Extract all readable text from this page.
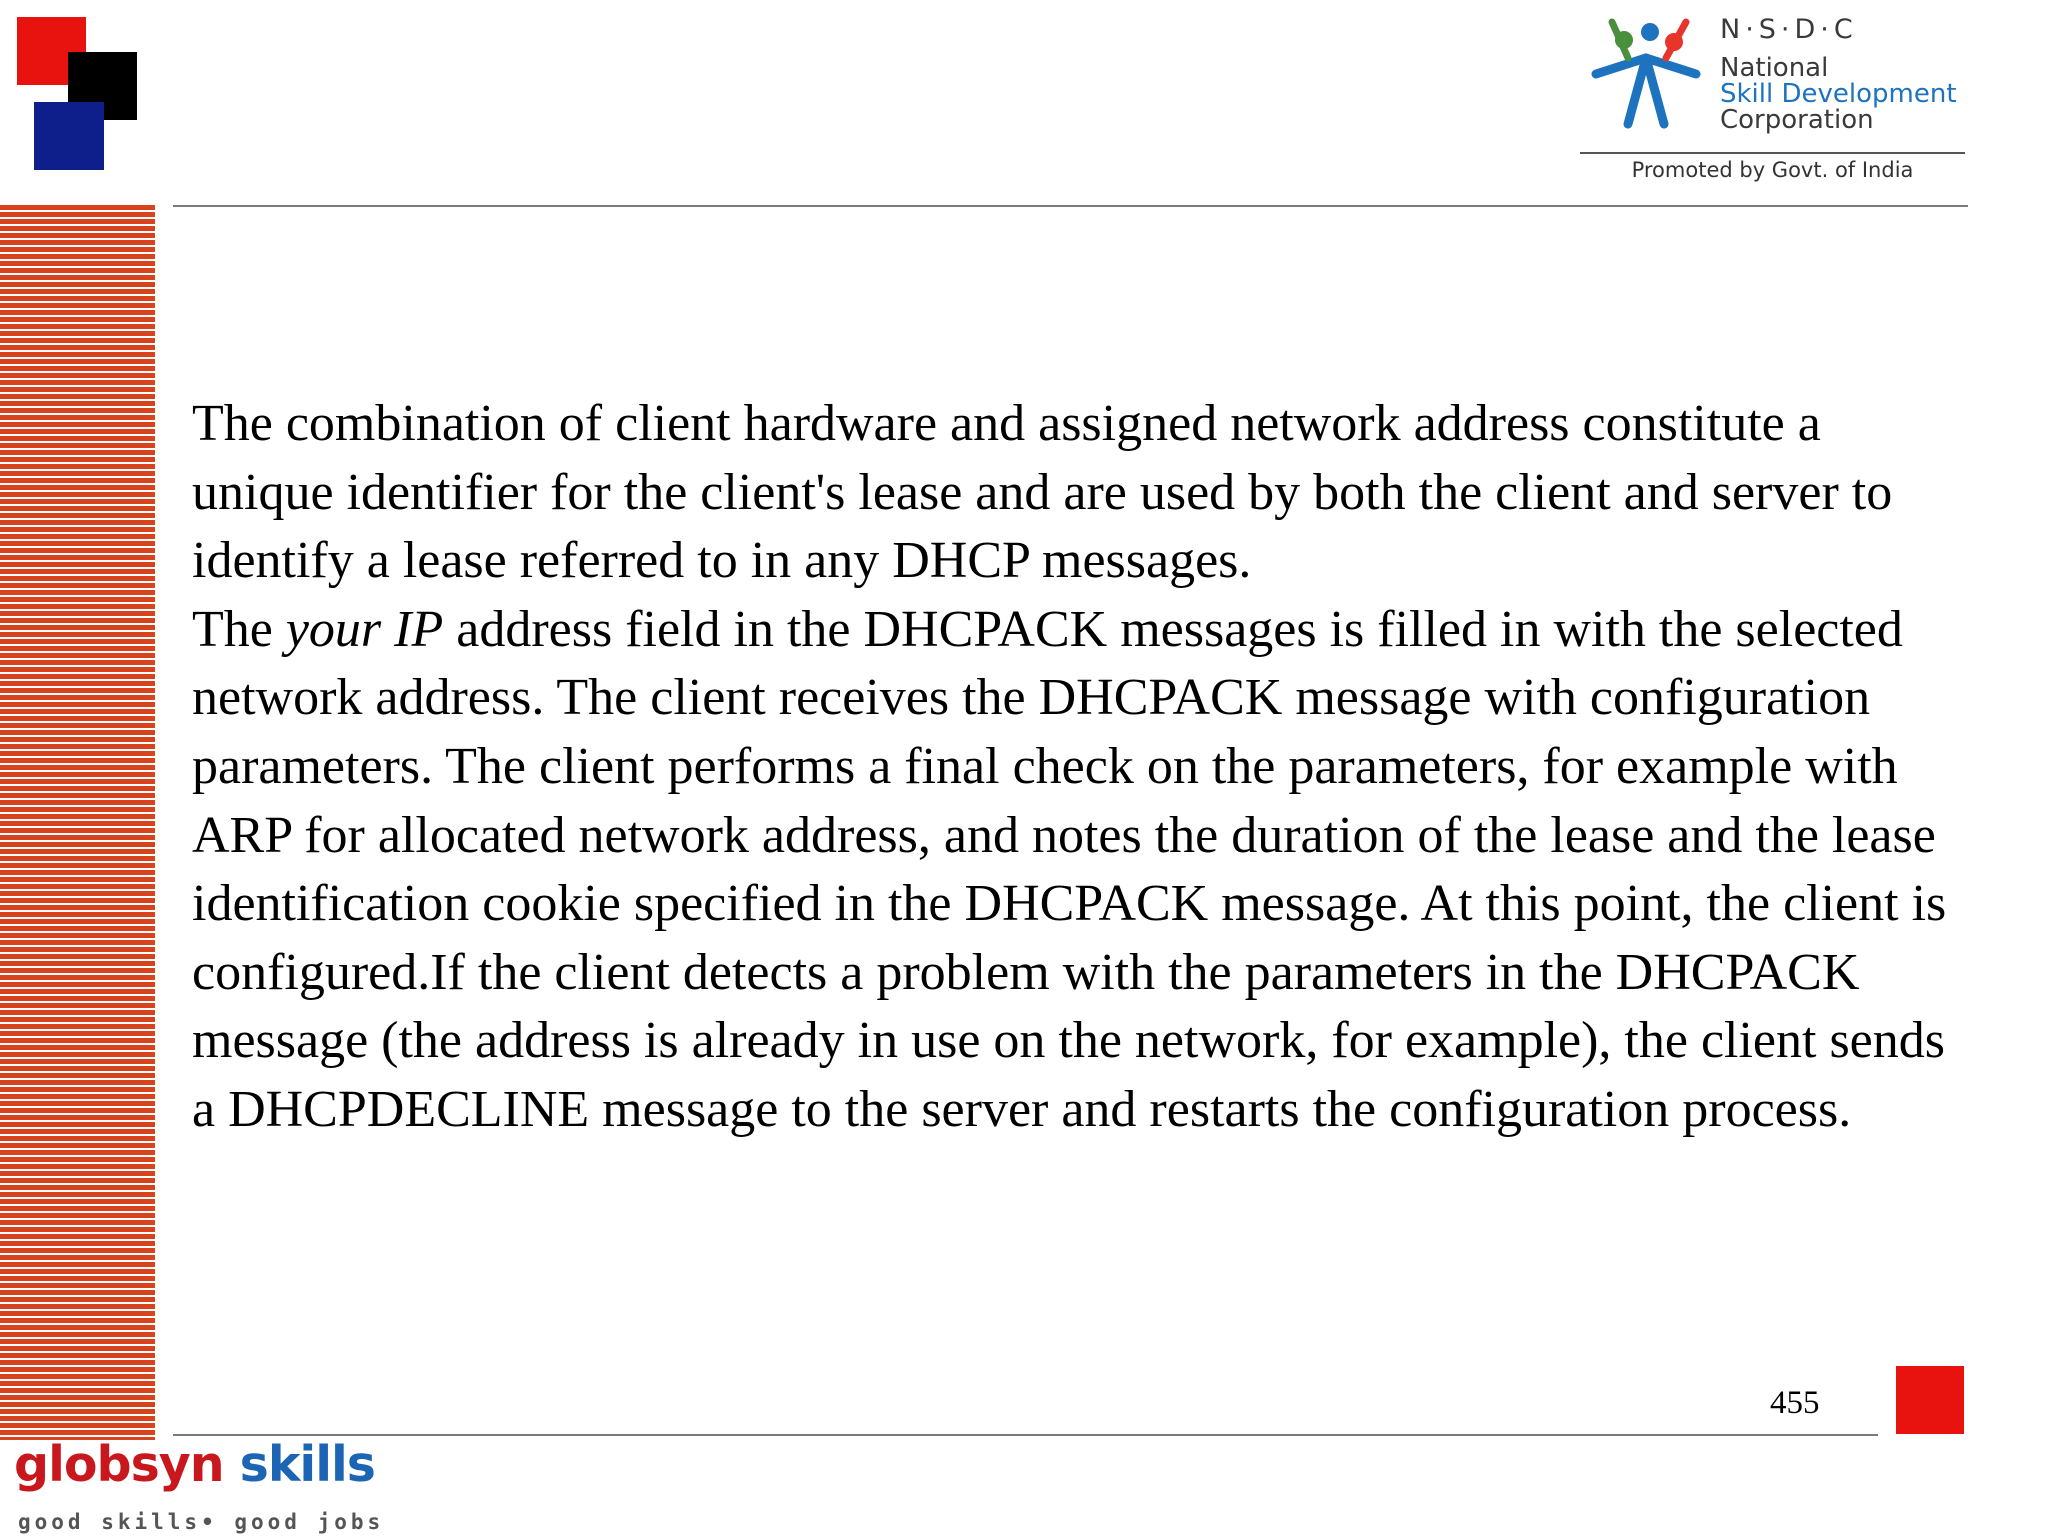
N·S·D·C
National
Skill Development
Corporation
Promoted by Govt. of India

The combination of client hardware and assigned network address constitute a unique identifier for the client's lease and are used by both the client and server to identify a lease referred to in any DHCP messages.

The your IP address field in the DHCPACK messages is filled in with the selected network address. The client receives the DHCPACK message with configuration parameters. The client performs a final check on the parameters, for example with ARP for allocated network address, and notes the duration of the lease and the lease identification cookie specified in the DHCPACK message. At this point, the client is configured.If the client detects a problem with the parameters in the DHCPACK message (the address is already in use on the network, for example), the client sends a DHCPDECLINE message to the server and restarts the configuration process.

455
globsyn skills
good skills• good jobs
